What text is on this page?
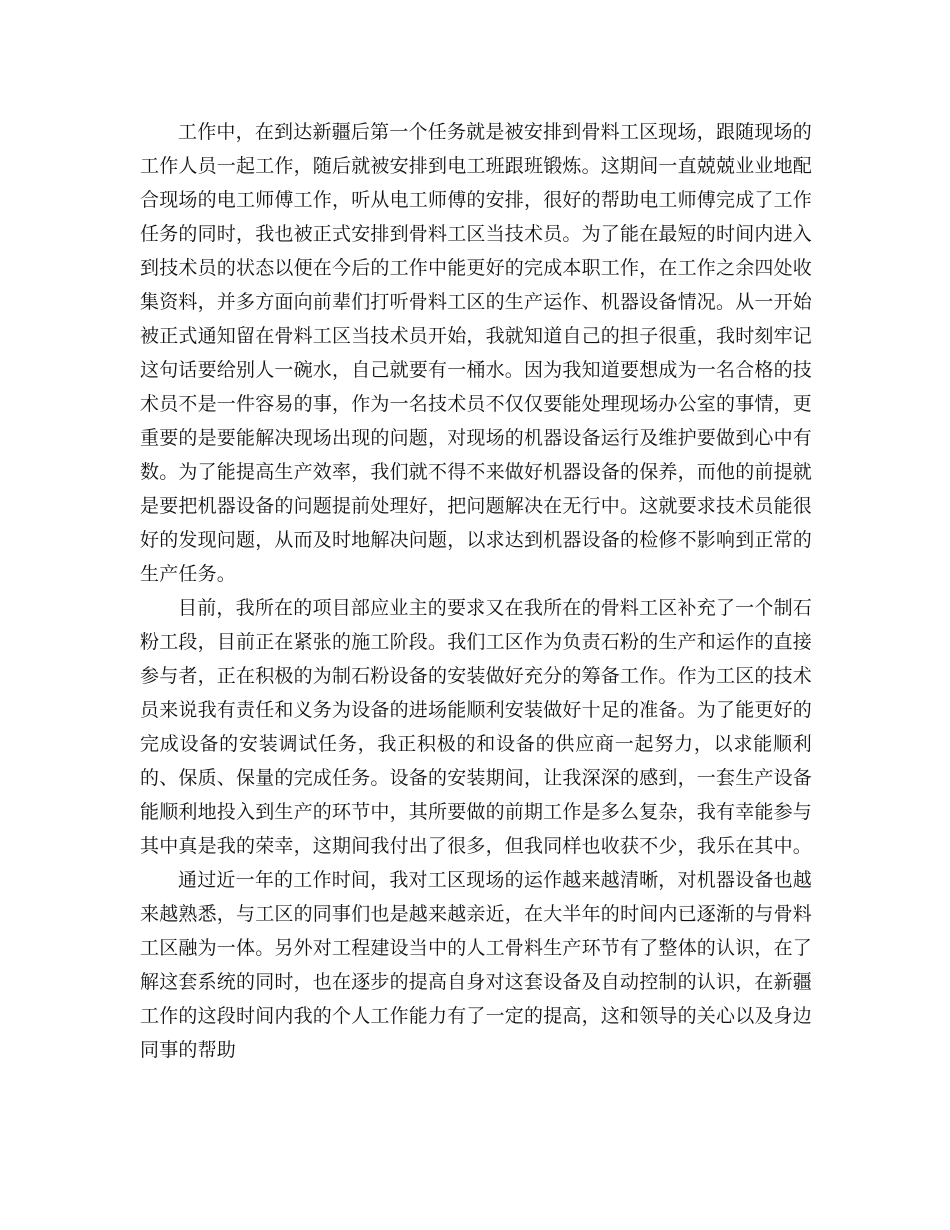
工作中，在到达新疆后第一个任务就是被安排到骨料工区现场，跟随现场的工作人员一起工作，随后就被安排到电工班跟班锻炼。这期间一直兢兢业业地配合现场的电工师傅工作，听从电工师傅的安排，很好的帮助电工师傅完成了工作任务的同时，我也被正式安排到骨料工区当技术员。为了能在最短的时间内进入到技术员的状态以便在今后的工作中能更好的完成本职工作，在工作之余四处收集资料，并多方面向前辈们打听骨料工区的生产运作、机器设备情况。从一开始被正式通知留在骨料工区当技术员开始，我就知道自己的担子很重，我时刻牢记这句话要给别人一碗水，自己就要有一桶水。因为我知道要想成为一名合格的技术员不是一件容易的事，作为一名技术员不仅仅要能处理现场办公室的事情，更重要的是要能解决现场出现的问题，对现场的机器设备运行及维护要做到心中有数。为了能提高生产效率，我们就不得不来做好机器设备的保养，而他的前提就是要把机器设备的问题提前处理好，把问题解决在无行中。这就要求技术员能很好的发现问题，从而及时地解决问题，以求达到机器设备的检修不影响到正常的生产任务。

目前，我所在的项目部应业主的要求又在我所在的骨料工区补充了一个制石粉工段，目前正在紧张的施工阶段。我们工区作为负责石粉的生产和运作的直接参与者，正在积极的为制石粉设备的安装做好充分的筹备工作。作为工区的技术员来说我有责任和义务为设备的进场能顺利安装做好十足的准备。为了能更好的完成设备的安装调试任务，我正积极的和设备的供应商一起努力，以求能顺利的、保质、保量的完成任务。设备的安装期间，让我深深的感到，一套生产设备能顺利地投入到生产的环节中，其所要做的前期工作是多么复杂，我有幸能参与其中真是我的荣幸，这期间我付出了很多，但我同样也收获不少，我乐在其中。

通过近一年的工作时间，我对工区现场的运作越来越清晰，对机器设备也越来越熟悉，与工区的同事们也是越来越亲近，在大半年的时间内已逐渐的与骨料工区融为一体。另外对工程建设当中的人工骨料生产环节有了整体的认识，在了解这套系统的同时，也在逐步的提高自身对这套设备及自动控制的认识，在新疆工作的这段时间内我的个人工作能力有了一定的提高，这和领导的关心以及身边同事的帮助
